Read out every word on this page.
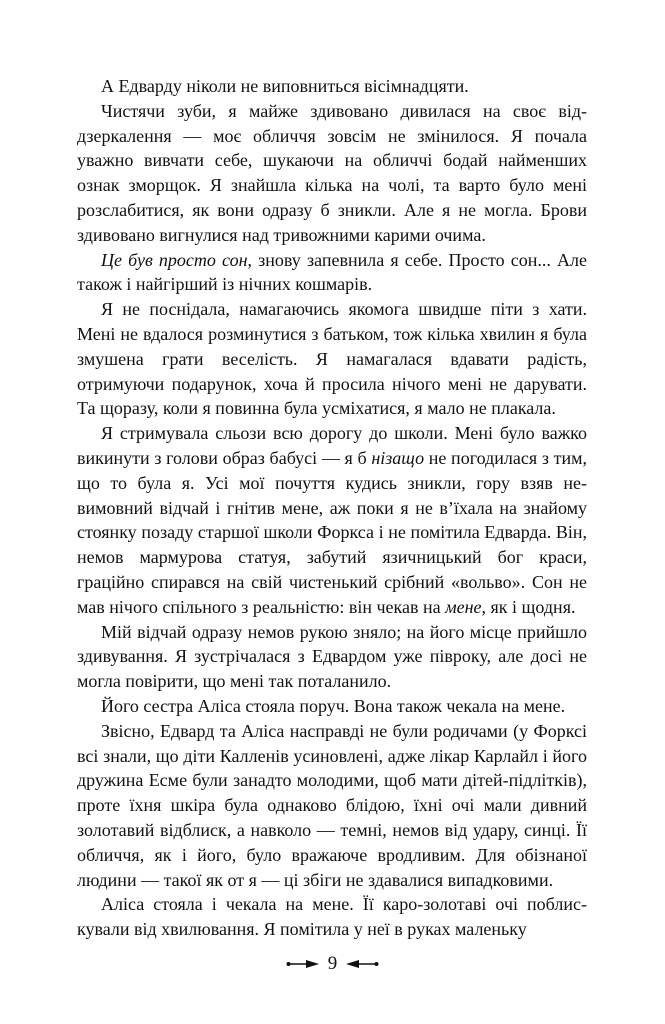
А Едварду ніколи не виповниться вісімнадцяти.

Чистячи зуби, я майже здивовано дивилася на своє віддзеркалення — моє обличчя зовсім не змінилося. Я почала уважно вивчати себе, шукаючи на обличчі бодай найменших ознак зморщок. Я знайшла кілька на чолі, та варто було мені розслабитися, як вони одразу б зникли. Але я не могла. Брови здивовано вигнулися над тривожними карими очима.

Це був просто сон, знову запевнила я себе. Просто сон... Але також і найгірший із нічних кошмарів.

Я не поснідала, намагаючись якомога швидше піти з хати. Мені не вдалося розминутися з батьком, тож кілька хвилин я була змушена грати веселість. Я намагалася вдавати радість, отримуючи подарунок, хоча й просила нічого мені не дарувати. Та щоразу, коли я повинна була усміхатися, я мало не плакала.

Я стримувала сльози всю дорогу до школи. Мені було важко викинути з голови образ бабусі — я б нізащо не погодилася з тим, що то була я. Усі мої почуття кудись зникли, гору взяв невимовний відчай і гнітив мене, аж поки я не в’їхала на знайому стоянку позаду старшої школи Форкса і не помітила Едварда. Він, немов мармурова статуя, забутий язичницький бог краси, граційно спирався на свій чистенький срібний «вольво». Сон не мав нічого спільного з реальністю: він чекав на мене, як і щодня.

Мій відчай одразу немов рукою зняло; на його місце прийшло здивування. Я зустрічалася з Едвардом уже півроку, але досі не могла повірити, що мені так поталанило.

Його сестра Аліса стояла поруч. Вона також чекала на мене.

Звісно, Едвард та Аліса насправді не були родичами (у Форксі всі знали, що діти Калленів усиновлені, адже лікар Карлайл і його дружина Есме були занадто молодими, щоб мати дітей-підлітків), проте їхня шкіра була однаково блідою, їхні очі мали дивний золотавий відблиск, а навколо — темні, немов від удару, синці. Її обличчя, як і його, було вражаюче вродливим. Для обізнаної людини — такої як от я — ці збіги не здавалися випадковими.

Аліса стояла і чекала на мене. Її каро-золотаві очі поблискували від хвилювання. Я помітила у неї в руках маленьку

9
